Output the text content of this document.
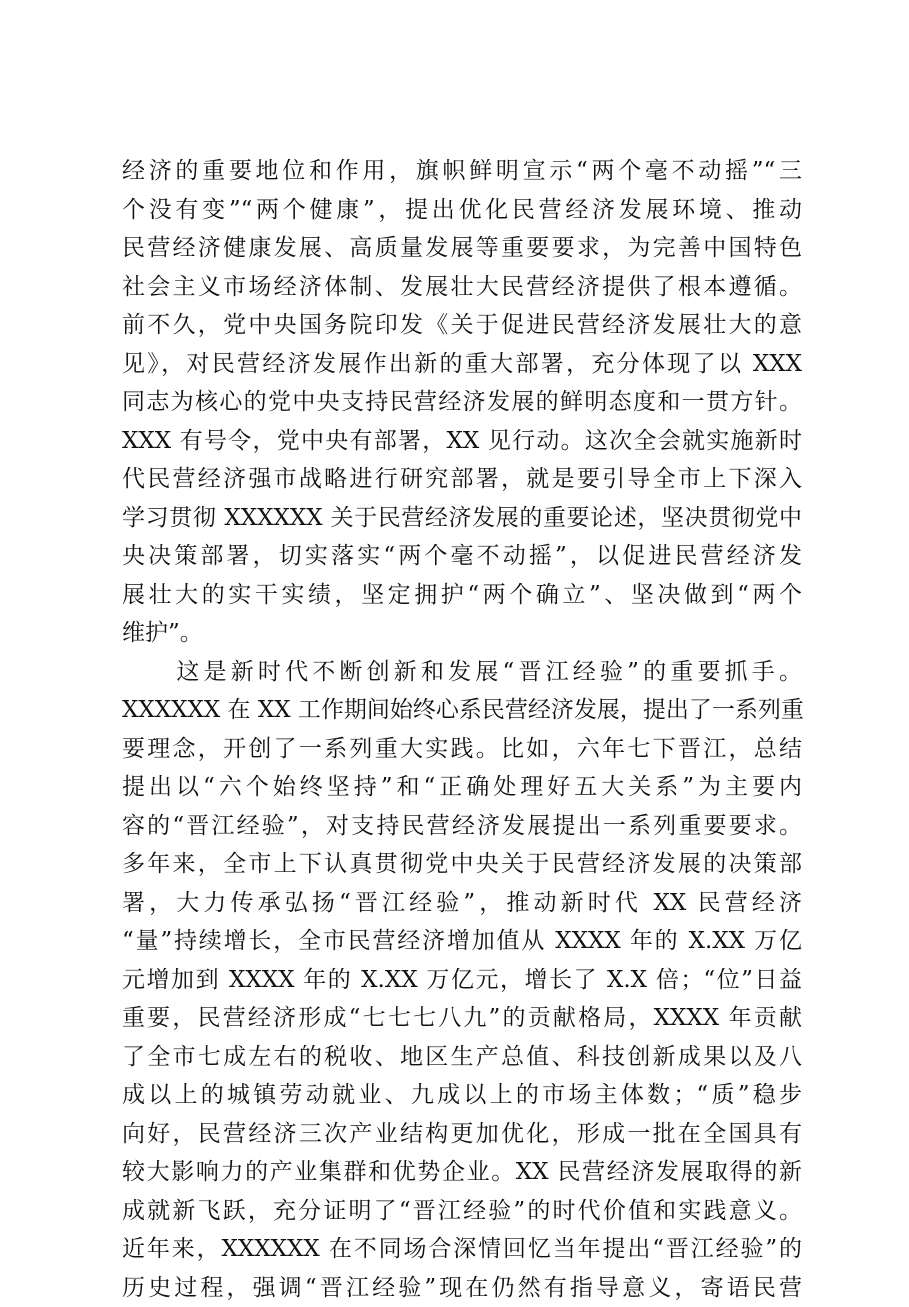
经济的重要地位和作用，旗帜鲜明宣示“两个毫不动摇”“三
个没有变”“两个健康”，提出优化民营经济发展环境、推动
民营经济健康发展、高质量发展等重要要求，为完善中国特色
社会主义市场经济体制、发展壮大民营经济提供了根本遵循。
前不久，党中央国务院印发《关于促进民营经济发展壮大的意
见》，对民营经济发展作出新的重大部署，充分体现了以 XXX
同志为核心的党中央支持民营经济发展的鲜明态度和一贯方针。
XXX 有号令，党中央有部署，XX 见行动。这次全会就实施新时
代民营经济强市战略进行研究部署，就是要引导全市上下深入
学习贯彻 XXXXXX 关于民营经济发展的重要论述，坚决贯彻党中
央决策部署，切实落实“两个毫不动摇”，以促进民营经济发
展壮大的实干实绩，坚定拥护“两个确立”、坚决做到“两个
维护”。
　　这是新时代不断创新和发展“晋江经验”的重要抓手。
XXXXXX 在 XX 工作期间始终心系民营经济发展，提出了一系列重
要理念，开创了一系列重大实践。比如，六年七下晋江，总结
提出以“六个始终坚持”和“正确处理好五大关系”为主要内
容的“晋江经验”，对支持民营经济发展提出一系列重要要求。
多年来，全市上下认真贯彻党中央关于民营经济发展的决策部
署，大力传承弘扬“晋江经验”，推动新时代 XX 民营经济
“量”持续增长，全市民营经济增加值从 XXXX 年的 X.XX 万亿
元增加到 XXXX 年的 X.XX 万亿元，增长了 X.X 倍；“位”日益
重要，民营经济形成“七七七八九”的贡献格局，XXXX 年贡献
了全市七成左右的税收、地区生产总值、科技创新成果以及八
成以上的城镇劳动就业、九成以上的市场主体数；“质”稳步
向好，民营经济三次产业结构更加优化，形成一批在全国具有
较大影响力的产业集群和优势企业。XX 民营经济发展取得的新
成就新飞跃，充分证明了“晋江经验”的时代价值和实践意义。
近年来，XXXXXX 在不同场合深情回忆当年提出“晋江经验”的
历史过程，强调“晋江经验”现在仍然有指导意义，寄语民营
